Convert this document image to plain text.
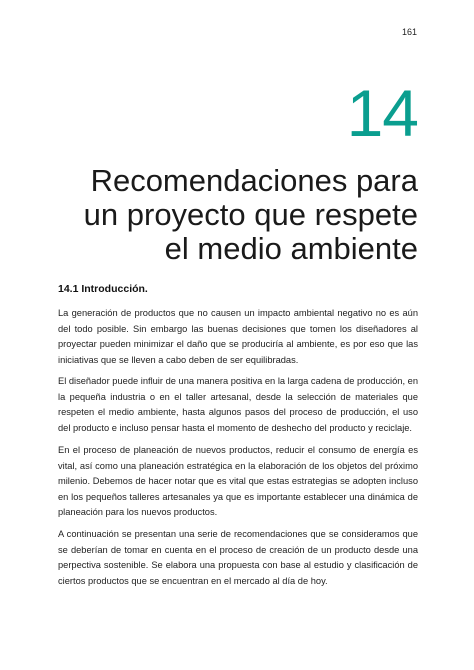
161
14
Recomendaciones para
un proyecto que respete
el medio ambiente
14.1 Introducción.

La generación de productos que no causen un impacto ambiental negativo no es aún del todo posible. Sin embargo las buenas decisiones que tomen los diseñadores al proyectar pueden minimizar el daño que se produciría al ambiente, es por eso que las iniciativas que se lleven a cabo deben de ser equilibradas.

El diseñador puede influir de una manera positiva en la larga cadena de producción, en la pequeña industria o en el taller artesanal, desde la selección de materiales que respeten el medio ambiente, hasta algunos pasos del proceso de producción, el uso del producto e incluso pensar hasta el momento de deshecho del producto y reciclaje.

En el proceso de planeación de nuevos productos, reducir el consumo de energía es vital, así como una planeación estratégica en la elaboración de los objetos del próximo milenio. Debemos de hacer notar que es vital que estas estrategias se adopten incluso en los pequeños talleres artesanales ya que es importante establecer una dinámica de planeación para los nuevos productos.

A continuación se presentan una serie de recomendaciones que se consideramos que se deberían de tomar en cuenta en el proceso de creación de un producto desde una perpectiva sostenible. Se elabora una propuesta con base al estudio y clasificación de ciertos productos que se encuentran en el mercado al día de hoy.
